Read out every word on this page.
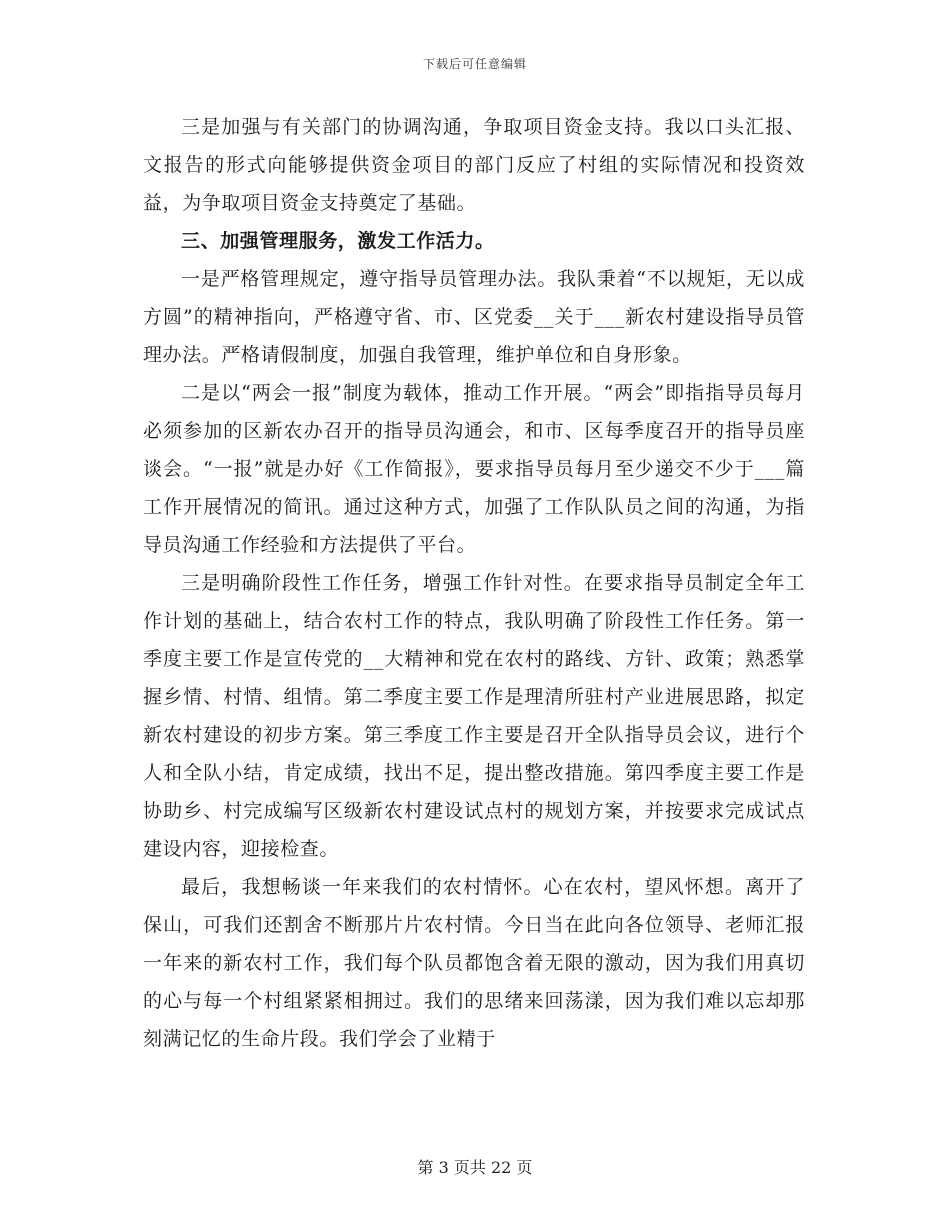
下载后可任意编辑

三是加强与有关部门的协调沟通，争取项目资金支持。我以口头汇报、文报告的形式向能够提供资金项目的部门反应了村组的实际情况和投资效益，为争取项目资金支持奠定了基础。

三、加强管理服务，激发工作活力。

一是严格管理规定，遵守指导员管理办法。我队秉着“不以规矩，无以成方圆”的精神指向，严格遵守省、市、区党委__关于___新农村建设指导员管理办法。严格请假制度，加强自我管理，维护单位和自身形象。

二是以“两会一报”制度为载体，推动工作开展。“两会”即指指导员每月必须参加的区新农办召开的指导员沟通会，和市、区每季度召开的指导员座谈会。“一报”就是办好《工作简报》，要求指导员每月至少递交不少于___篇工作开展情况的简讯。通过这种方式，加强了工作队队员之间的沟通，为指导员沟通工作经验和方法提供了平台。

三是明确阶段性工作任务，增强工作针对性。在要求指导员制定全年工作计划的基础上，结合农村工作的特点，我队明确了阶段性工作任务。第一季度主要工作是宣传党的__大精神和党在农村的路线、方针、政策；熟悉掌握乡情、村情、组情。第二季度主要工作是理清所驻村产业进展思路，拟定新农村建设的初步方案。第三季度工作主要是召开全队指导员会议，进行个人和全队小结，肯定成绩，找出不足，提出整改措施。第四季度主要工作是协助乡、村完成编写区级新农村建设试点村的规划方案，并按要求完成试点建设内容，迎接检查。

最后，我想畅谈一年来我们的农村情怀。心在农村，望风怀想。离开了保山，可我们还割舍不断那片片农村情。今日当在此向各位领导、老师汇报一年来的新农村工作，我们每个队员都饱含着无限的激动，因为我们用真切的心与每一个村组紧紧相拥过。我们的思绪来回荡漾，因为我们难以忘却那刻满记忆的生命片段。我们学会了业精于

第 3 页共 22 页
